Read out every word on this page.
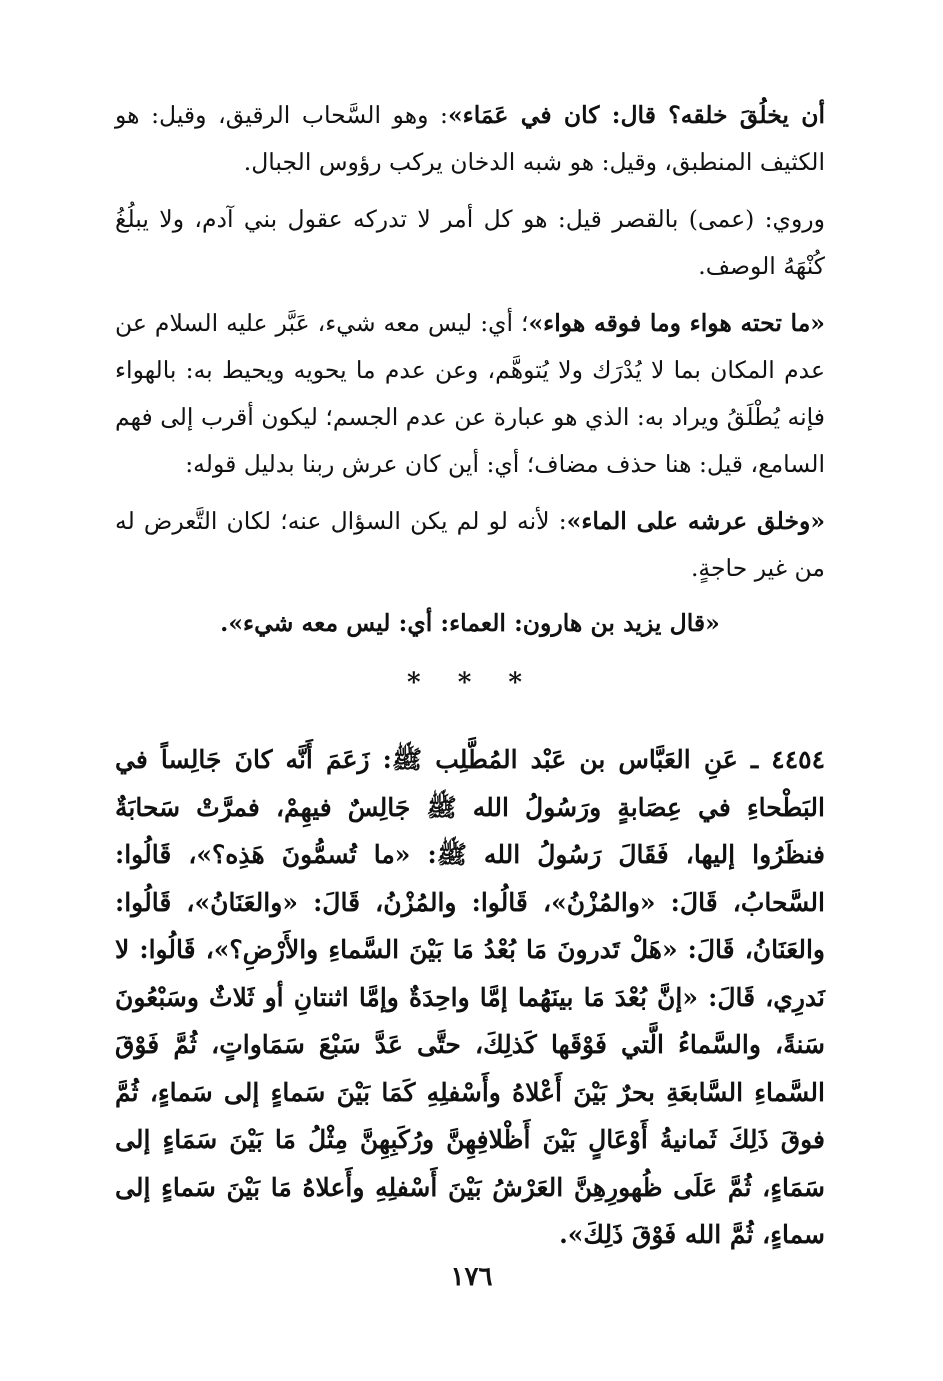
أن يخلُقَ خلقه؟ قال: كان في عَمَاء»: وهو السَّحاب الرقيق، وقيل: هو الكثيف المنطبق، وقيل: هو شبه الدخان يركب رؤوس الجبال.

وروي: (عمى) بالقصر قيل: هو كل أمر لا تدركه عقول بني آدم، ولا يبلُغُ كُنْهَهُ الوصف.

«ما تحته هواء وما فوقه هواء»؛ أي: ليس معه شيء، عَبَّر عليه السلام عن عدم المكان بما لا يُدْرَك ولا يُتوهَّم، وعن عدم ما يحويه ويحيط به: بالهواء فإنه يُطْلَقُ ويراد به: الذي هو عبارة عن عدم الجسم؛ ليكون أقرب إلى فهم السامع، قيل: هنا حذف مضاف؛ أي: أين كان عرش ربنا بدليل قوله:

«وخلق عرشه على الماء»: لأنه لو لم يكن السؤال عنه؛ لكان التَّعرض له من غير حاجةٍ.

«قال يزيد بن هارون: العماء: أي: ليس معه شيء».

* * *

٤٤٥٤ ـ عَنِ العَبَّاس بن عَبْد المُطَّلِب ﷺ: زَعَمَ أَنَّه كانَ جَالِساً في البَطْحاءِ في عِصَابةٍ ورَسُولُ الله ﷺ جَالِسٌ فيهِمْ، فمرَّتْ سَحابَةٌ فنظَرُوا إليها، فَقَالَ رَسُولُ الله ﷺ: «ما تُسمُّونَ هَذِه؟»، قَالُوا: السَّحابُ، قَالَ: «والمُزْنُ»، قَالُوا: والمُزْنُ، قَالَ: «والعَنَانُ»، قَالُوا: والعَنَانُ، قَالَ: «هَلْ تَدرونَ مَا بُعْدُ مَا بَيْنَ السَّماءِ والأَرْضِ؟»، قَالُوا: لا نَدرِي، قَالَ: «إنَّ بُعْدَ مَا بينَهُما إمَّا واحِدَةٌ وإمَّا اثنتانِ أو ثَلاثٌ وسَبْعُونَ سَنةً، والسَّماءُ الَّتي فَوْقَها كَذلِكَ، حتَّى عَدَّ سَبْعَ سَمَاواتٍ، ثُمَّ فَوْقَ السَّماءِ السَّابعَةِ بحرٌ بَيْنَ أَعْلاهُ وأَسْفلِهِ كَمَا بَيْنَ سَماءٍ إلى سَماءٍ، ثُمَّ فوقَ ذَلِكَ ثَمانيةُ أَوْعَالٍ بَيْنَ أَظْلافِهِنَّ ورُكَبِهِنَّ مِثْلُ مَا بَيْنَ سَمَاءٍ إلى سَمَاءٍ، ثُمَّ عَلَى ظُهورِهِنَّ العَرْشُ بَيْنَ أَسْفلِهِ وأَعلاهُ مَا بَيْنَ سَماءٍ إلى سماءٍ، ثُمَّ الله فَوْقَ ذَلِكَ».

١٧٦
